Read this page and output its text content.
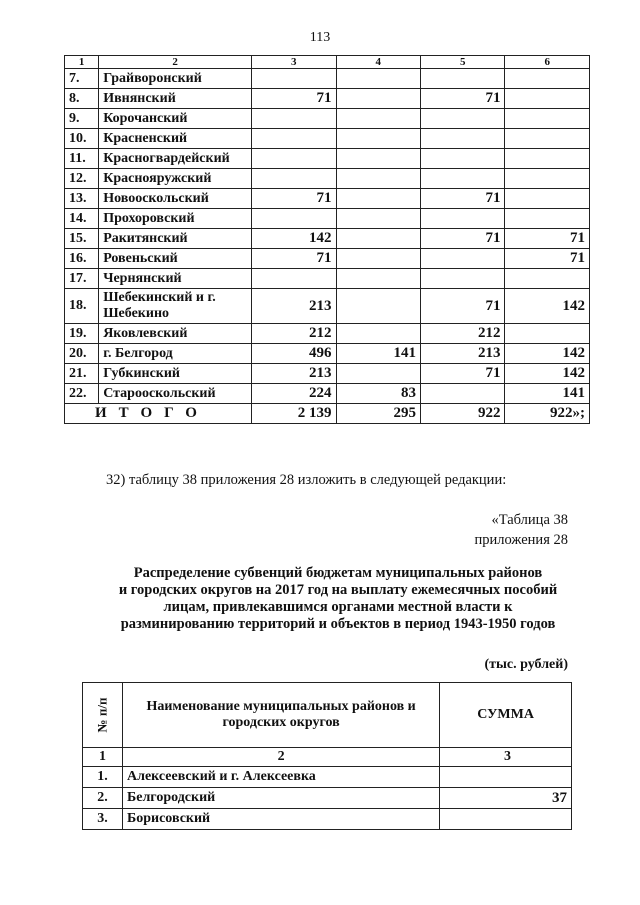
113
1	2	3	4	5	6
7.	Грайворонский				
8.	Ивнянский	71		71	
9.	Корочанский				
10.	Красненский				
11.	Красногвардейский				
12.	Краснояружский				
13.	Новооскольский	71		71	
14.	Прохоровский				
15.	Ракитянский	142		71	71
16.	Ровеньский	71			71
17.	Чернянский				
18.	Шебекинский и г. Шебекино	213		71	142
19.	Яковлевский	212		212	
20.	г. Белгород	496	141	213	142
21.	Губкинский	213		71	142
22.	Старооскольский	224	83		141
ИТОГО		2 139	295	922	922»;
32) таблицу 38 приложения 28 изложить в следующей редакции:
«Таблица 38
приложения 28
Распределение субвенций бюджетам муниципальных районов
и городских округов на 2017 год на выплату ежемесячных пособий
лицам, привлекавшимся органами местной власти к
разминированию территорий и объектов в период 1943-1950 годов
(тыс. рублей)
№ п/п	Наименование муниципальных районов и городских округов	СУММА
1	2	3
1.	Алексеевский и г. Алексеевка	
2.	Белгородский	37
3.	Борисовский	
